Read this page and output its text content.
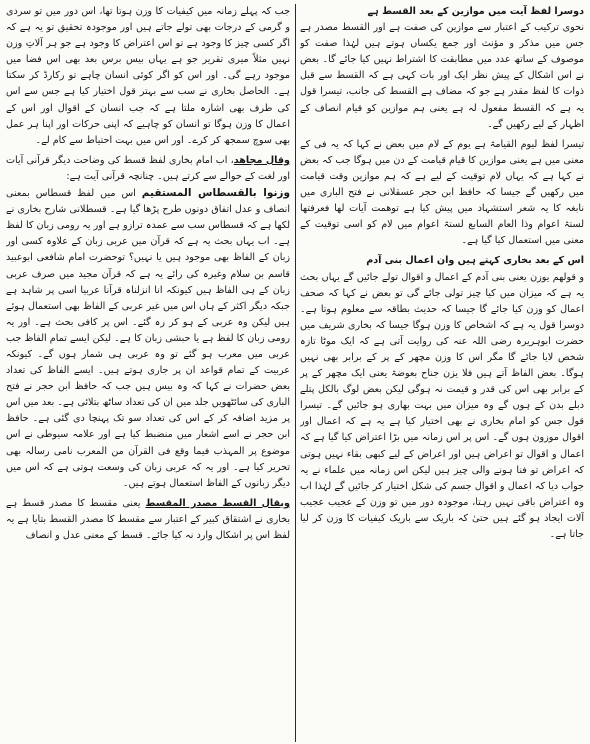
دوسرا لفظ آیت میں موازین کے بعد القسط ہے

نحوی ترکیب کے اعتبار سے موازین کی صفت ہے اور القسط مصدر ہے جس میں مذکر و مؤنث اور جمع یکساں ہوتے ہیں لہٰذا صفت کو موصوف کے ساتھ عدد میں مطابقت کا اشتراط نہیں کیا جائے گا۔ بعض نے اس اشکال کے پیش نظر ایک اور بات کہی ہے کہ القسط سے قبل ذوات کا لفظ مقدر ہے جو کہ مضاف ہے القسط کی جانب، تیسرا قول یہ ہے کہ القسط مفعول لہ ہے یعنی ہم موازین کو قیام انصاف کے اظہار کے لیے رکھیں گے۔

تیسرا لفظ لیوم القیامۃ ہے یوم کے لام میں بعض نے کہا کہ یہ فی کے معنی میں ہے یعنی موازین کا قیام قیامت کے دن میں ہوگا جب کہ بعض نے کہا ہے کہ یہاں لام توقیت کے لیے ہے کہ ہم موازین وقت قیامت میں رکھیں گے جیسا کہ حافظ ابن حجر عسقلانی نے فتح الباری میں نابغہ کا یہ شعر استشہاد میں پیش کیا ہے توھمت آیات لھا فعرفتھا لستۃ اعوام وذا العام السابع لستۃ اعوام میں لام کو اسی توقیت کے معنی میں استعمال کیا گیا ہے۔

اس کے بعد بخاری کہتے ہیں وان اعمال بنی آدم

و قولھم یوزن یعنی بنی آدم کے اعمال و اقوال تولے جائیں گے یہاں بحث یہ ہے کہ میزان میں کیا چیز تولی جائے گی تو بعض نے کہا کہ صحف اعمال کو وزن کیا جائے گا جیسا کہ حدیث بطاقہ سے معلوم ہوتا ہے۔ دوسرا قول یہ ہے کہ اشخاص کا وزن ہوگا جیسا کہ بخاری شریف میں حضرت ابوہریرہ رضی اللہ عنہ کی روایت آتی ہے کہ ایک موٹا تازہ شخص لایا جائے گا مگر اس کا وزن مچھر کے پر کے برابر بھی نہیں ہوگا۔ بعض الفاظ آتے ہیں فلا یزن جناح بعوضۃ یعنی ایک مچھر کے پر کے برابر بھی اس کی قدر و قیمت نہ ہوگی لیکن بعض لوگ بالکل پتلے دبلے بدن کے ہوں گے وہ میزان میں بہت بھاری ہو جائیں گے۔ تیسرا قول جس کو امام بخاری نے بھی اختیار کیا ہے یہ ہے کہ اعمال اور اقوال موزون ہوں گے۔ اس پر اس زمانہ میں بڑا اعتراض کیا گیا ہے کہ اعمال و اقوال تو اعراض ہیں اور اعراض کے لیے کبھی بقاء نہیں ہوتی کہ اعراض تو فنا ہونے والی چیز ہیں لیکن اس زمانہ میں علماء نے یہ جواب دیا کہ اعمال و اقوال جسم کی شکل اختیار کر جائیں گے لہٰذا اب وہ اعتراض باقی نہیں رہتا، موجودہ دور میں تو وزن کے عجیب عجیب آلات ایجاد ہو گئے ہیں حتیٰ کہ باریک سے باریک کیفیات کا وزن کر لیا جاتا ہے۔

جب کہ پہلے زمانہ میں کیفیات کا وزن ہوتا تھا، اس دور میں تو سردی و گرمی کے درجات بھی تولے جاتے ہیں اور موجودہ تحقیق تو یہ ہے کہ اگر کسی چیز کا وجود ہے تو اس اعتراض کا وجود ہے جو ہر آلاتِ وزن نہیں مثلاً میری تقریر جو ہے یہاں بیس برس بعد بھی اس فضا میں موجود رہے گی۔ اور اس کو اگر کوئی انسان چاہے تو رکارڈ کر سکتا ہے۔ الحاصل بخاری نے سب سے بہتر قول اختیار کیا ہے جس سے اس کی طرف بھی اشارہ ملتا ہے کہ جب انسان کے اقوال اور اس کے اعمال کا وزن ہوگا تو انسان کو چاہیے کہ اپنی حرکات اور اپنا ہر عمل بھی سوچ سمجھ کر کرے۔ اور اس میں بہت احتیاط سے کام لے۔

وقال مجاهد، اب امام بخاری لفظ قسط کی وضاحت دیگر قرآنی آیات اور لغت کے حوالے سے کرتے ہیں۔ چنانچہ قرآنی آیت ہے:

وزنوا بالقسطاس المستقیم اس میں لفظ قسطاس بمعنی انصاف و عدل اتفاق دونوں طرح پڑھا گیا ہے۔ قسطلانی شارح بخاری نے لکھا ہے کہ قسطاس سب سے عمدہ ترازو ہے اور یہ رومی زبان کا لفظ ہے۔ اب یہاں بحث یہ ہے کہ قرآن میں عربی زبان کے علاوہ کسی اور زبان کے الفاظ بھی موجود ہیں یا نہیں؟ توحضرت امام شافعی ابوعبید قاسم بن سلام وغیرہ کی رائے یہ ہے کہ قرآن مجید میں صرف عربی زبان کے ہی الفاظ ہیں کیونکہ انا انزلناہ قرآنا عربیا اسی پر شاہد ہے جبکہ دیگر اکثر کے ہاں اس میں غیر عربی کے الفاظ بھی استعمال ہوئے ہیں لیکن وہ عربی کے ہو کر رہ گئے۔ اس پر کافی بحث ہے۔ اور یہ رومی زبان کا لفظ ہے یا حبشی زبان کا ہے۔ لیکن ایسے تمام الفاظ جب عربی میں معرب ہو گئے تو وہ عربی ہی شمار ہوں گے۔ کیونکہ عربیت کے تمام قواعد ان پر جاری ہوتے ہیں۔ ایسے الفاظ کی تعداد بعض حضرات نے کہا کہ وہ بیس ہیں جب کہ حافظ ابن حجر نے فتح الباری کی سائٹھویں جلد میں ان کی تعداد ساٹھ بتلائی ہے۔ بعد میں اس پر مزید اضافہ کر کے اس کی تعداد سو تک پہنچا دی گئی ہے۔ حافظ ابن حجر نے اسے اشعار میں منضبط کیا ہے اور علامہ سیوطی نے اس موضوع پر المہذب فیما وقع فی القرآن من المعرب نامی رسالہ بھی تحریر کیا ہے۔ اور یہ کہ عربی زبان کی وسعت ہوتی ہے کہ اس میں دیگر زبانوں کے الفاظ استعمال ہوتے ہیں۔

ویقال القسط مصدر المقسط یعنی مقسط کا مصدر قسط ہے بخاری نے اشتقاق کبیر کے اعتبار سے مقسط کا مصدر القسط بتایا ہے یہ لفظ اس پر اشکال وارد نہ کیا جائے۔ قسط کے معنی عدل و انصاف
